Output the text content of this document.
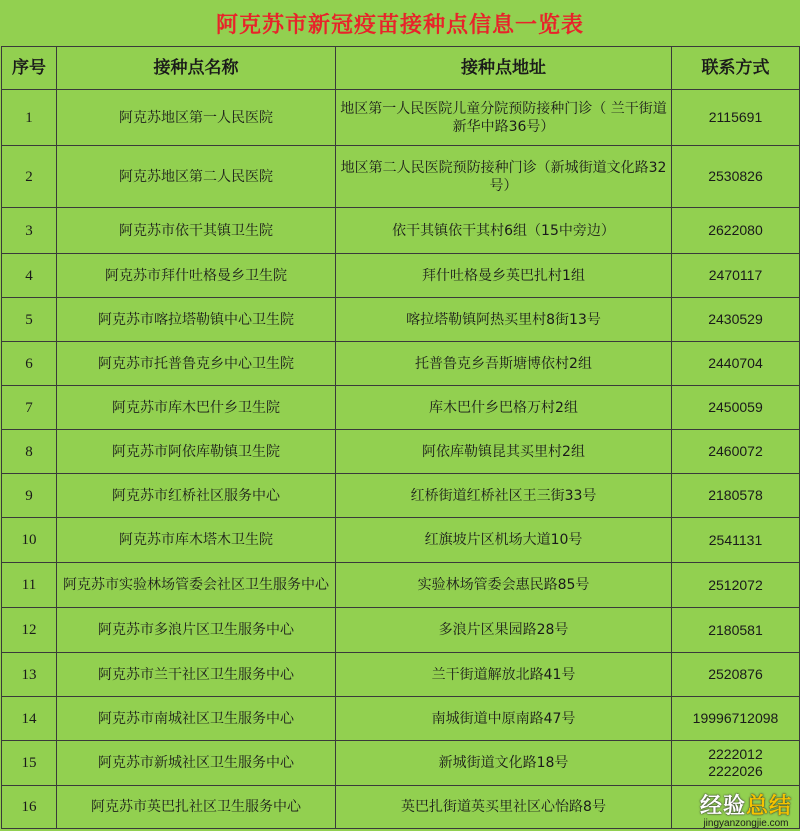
阿克苏市新冠疫苗接种点信息一览表
序号	接种点名称	接种点地址	联系方式
1	阿克苏地区第一人民医院	地区第一人民医院儿童分院预防接种门诊（ 兰干街道新华中路36号）	2115691
2	阿克苏地区第二人民医院	地区第二人民医院预防接种门诊（新城街道文化路32号）	2530826
3	阿克苏市依干其镇卫生院	依干其镇依干其村6组（15中旁边）	2622080
4	阿克苏市拜什吐格曼乡卫生院	拜什吐格曼乡英巴扎村1组	2470117
5	阿克苏市喀拉塔勒镇中心卫生院	喀拉塔勒镇阿热买里村8街13号	2430529
6	阿克苏市托普鲁克乡中心卫生院	托普鲁克乡吾斯塘博依村2组	2440704
7	阿克苏市库木巴什乡卫生院	库木巴什乡巴格万村2组	2450059
8	阿克苏市阿依库勒镇卫生院	阿依库勒镇昆其买里村2组	2460072
9	阿克苏市红桥社区服务中心	红桥街道红桥社区王三街33号	2180578
10	阿克苏市库木塔木卫生院	红旗坡片区机场大道10号	2541131
11	阿克苏市实验林场管委会社区卫生服务中心	实验林场管委会惠民路85号	2512072
12	阿克苏市多浪片区卫生服务中心	多浪片区果园路28号	2180581
13	阿克苏市兰干社区卫生服务中心	兰干街道解放北路41号	2520876
14	阿克苏市南城社区卫生服务中心	南城街道中原南路47号	19996712098
15	阿克苏市新城社区卫生服务中心	新城街道文化路18号	2222012
2222026
16	阿克苏市英巴扎社区卫生服务中心	英巴扎街道英买里社区心怡路8号		经验总结
jingyanzongjie.com
